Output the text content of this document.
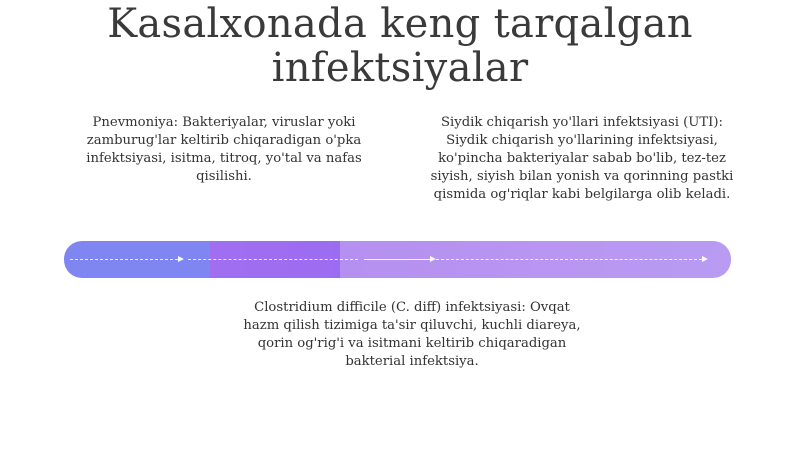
Kasalxonada keng tarqalgan infektsiyalar
Pnevmoniya: Bakteriyalar, viruslar yoki zamburug'lar keltirib chiqaradigan o'pka infektsiyasi, isitma, titroq, yo'tal va nafas qisilishi.
Siydik chiqarish yo'llari infektsiyasi (UTI): Siydik chiqarish yo'llarining infektsiyasi, ko'pincha bakteriyalar sabab bo'lib, tez-tez siyish, siyish bilan yonish va qorinning pastki qismida og'riqlar kabi belgilarga olib keladi.
Clostridium difficile (C. diff) infektsiyasi: Ovqat hazm qilish tizimiga ta'sir qiluvchi, kuchli diareya, qorin og'rig'i va isitmani keltirib chiqaradigan bakterial infektsiya.
